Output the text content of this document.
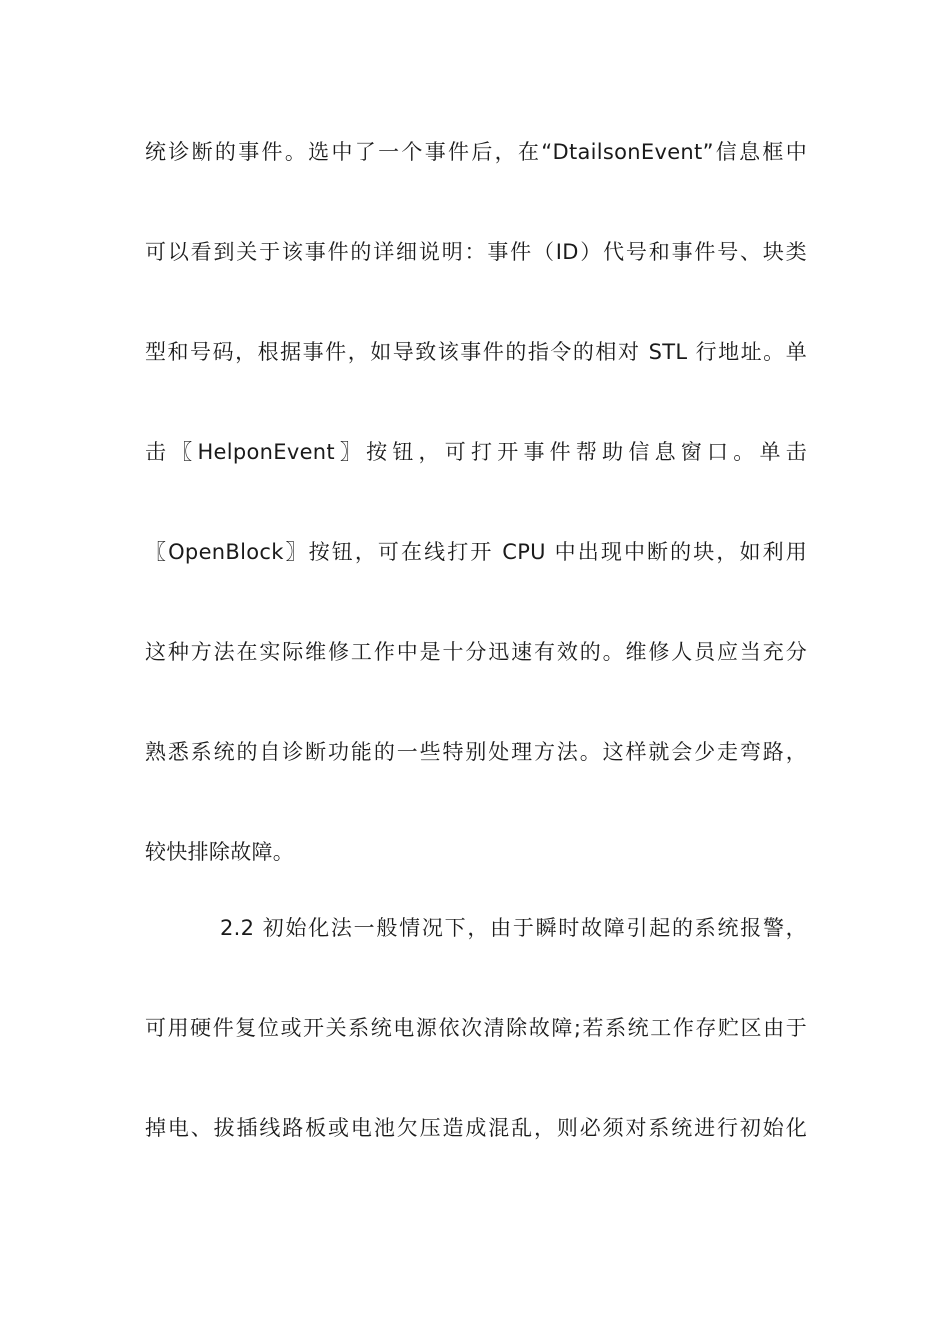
统诊断的事件。选中了一个事件后，在“DtailsonEvent”信息框中
可以看到关于该事件的详细说明：事件（ID）代号和事件号、块类
型和号码，根据事件，如导致该事件的指令的相对 STL 行地址。单
击〖HelponEvent〗按钮，可打开事件帮助信息窗口。单击
〖OpenBlock〗按钮，可在线打开 CPU 中出现中断的块，如利用
这种方法在实际维修工作中是十分迅速有效的。维修人员应当充分
熟悉系统的自诊断功能的一些特别处理方法。这样就会少走弯路，
较快排除故障。
2.2 初始化法一般情况下，由于瞬时故障引起的系统报警，
可用硬件复位或开关系统电源依次清除故障;若系统工作存贮区由于
掉电、拔插线路板或电池欠压造成混乱，则必须对系统进行初始化
